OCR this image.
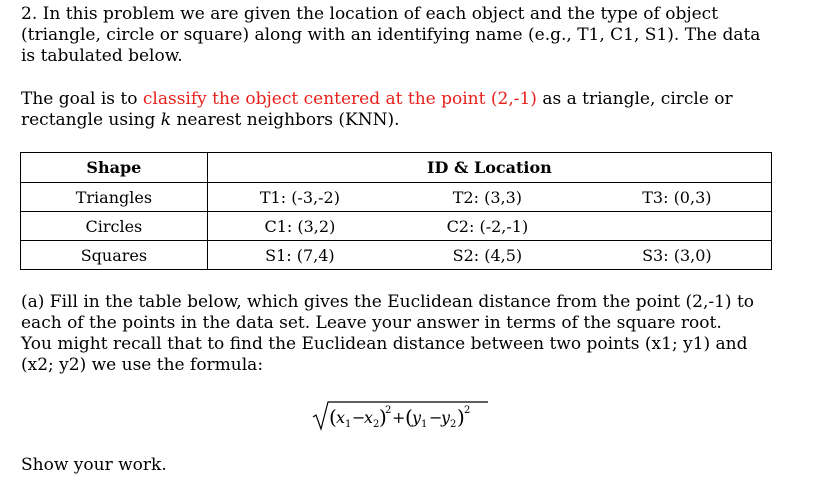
2. In this problem we are given the location of each object and the type of object
(triangle, circle or square) along with an identifying name (e.g., T1, C1, S1). The data
is tabulated below.
The goal is to classify the object centered at the point (2,-1) as a triangle, circle or
rectangle using k nearest neighbors (KNN).
Shape	ID & Location		
Triangles	T1: (-3,-2)	T2: (3,3)	T3: (0,3)
Circles	C1: (3,2)	C2: (-2,-1)	
Squares	S1: (7,4)	S2: (4,5)	S3: (3,0)
(a) Fill in the table below, which gives the Euclidean distance from the point (2,-1) to
each of the points in the data set. Leave your answer in terms of the square root.
You might recall that to find the Euclidean distance between two points (x1; y1) and
(x2; y2) we use the formula:
( x 1 −
x 2 )
2 + ( y 1 −
y 2 ) 2
Show your work.
